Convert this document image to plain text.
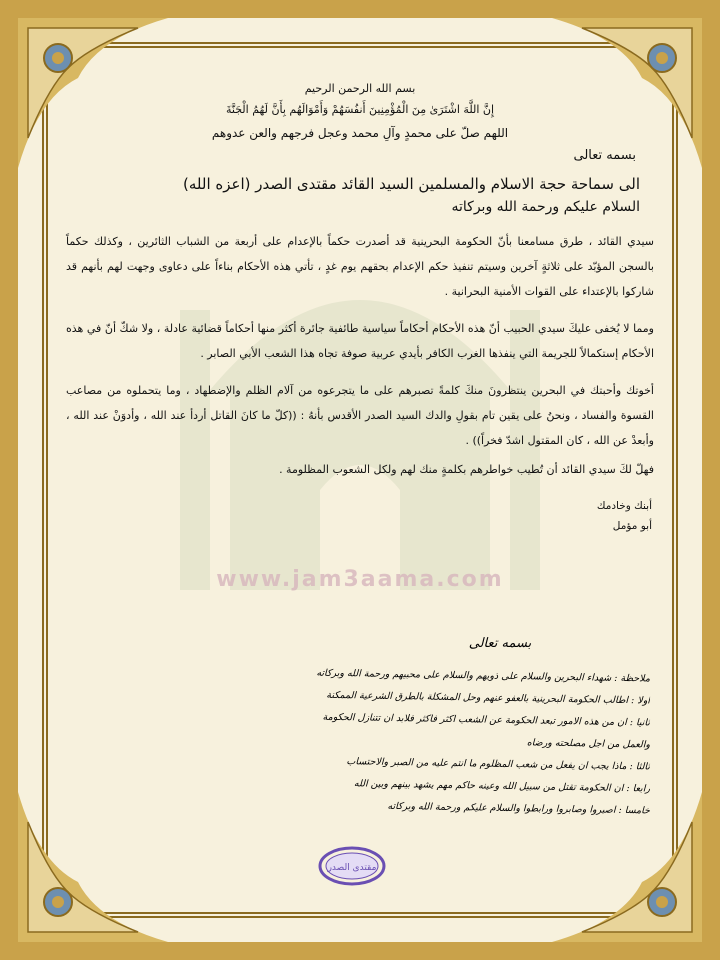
www.jam3aama.com
بسم الله الرحمن الرحيم
إِنَّ اللَّهَ اشْتَرَىٰ مِنَ الْمُؤْمِنِينَ أَنفُسَهُمْ وَأَمْوَالَهُم بِأَنَّ لَهُمُ الْجَنَّةَ
اللهم صلّ على محمدٍ وآلِ محمد وعجل فرجهم والعن عدوهم
بسمه تعالى
الى سماحة حجة الاسلام والمسلمين السيد القائد مقتدى الصدر (اعزه الله)
السلام عليكم ورحمة الله وبركاته
سيدي القائد ، طرق مسامعنا بأنّ الحكومة البحرينية قد أصدرت حكماً بالإعدام على أربعة من الشباب الثائرين ، وكذلك حكماً بالسجن المؤبّد على ثلاثةٍ آخرين وسيتم تنفيذ حكم الإعدام بحقهم يوم غدٍ ، تأتي هذه الأحكام بناءاً على دعاوى وجهت لهم بأنهم قد شاركوا بالإعتداء على القوات الأمنية البحرانية .
ومما لا يُخفى عليكَ سيدي الحبيب أنّ هذه الأحكام أحكاماً سياسية طائفية جائرة أكثر منها أحكاماً قضائية عادلة ، ولا شكّ أنّ في هذه الأحكام إستكمالاً للجريمة التي ينفذها الغرب الكافر بأيدي عربية صوفة تجاه هذا الشعب الأبي الصابر .
أخوتك وأحبتك في البحرين ينتظرونَ منكَ كلمةً تصبرهم على ما يتجرعوه من آلام الظلم والإضطهاد ، وما يتحملوه من مصاعب القسوة والفساد ، ونحنُ على يقين تام بقولِ والدك السيد الصدر الأقدس بأنهُ : ((كلّ ما كانَ القاتل أردأ عند الله ، وأدوَنْ عند الله ، وأبعدْ عن الله ، كان المقتول اشدّ فخراً)) .
فهلّ لكَ سيدي القائد أن تُطيب خواطرهم بكلمةٍ منك لهم ولكل الشعوب المظلومة .
أبنك وخادمك
أبو مؤمل
بسمه تعالى
ملاحظة : شهداء البحرين والسلام على ذويهم والسلام على محبيهم ورحمة الله وبركاته
اولا : اطالب الحكومة البحرينية بالعفو عنهم وحل المشكلة بالطرق الشرعية الممكنة
ثانيا : ان من هذه الامور تبعد الحكومة عن الشعب اكثر فاكثر فلابد ان تتنازل الحكومة
والعمل من اجل مصلحته ورضاه
ثالثا : ماذا يجب ان يفعل من شعب المظلوم ما انتم عليه من الصبر والاحتساب
رابعا : ان الحكومة تقتل من سبيل الله وعينه حاكم مهم يشهد بينهم وبين الله
خامسا : اصبروا وصابروا ورابطوا والسلام عليكم ورحمة الله وبركاته
مقتدى الصدر
